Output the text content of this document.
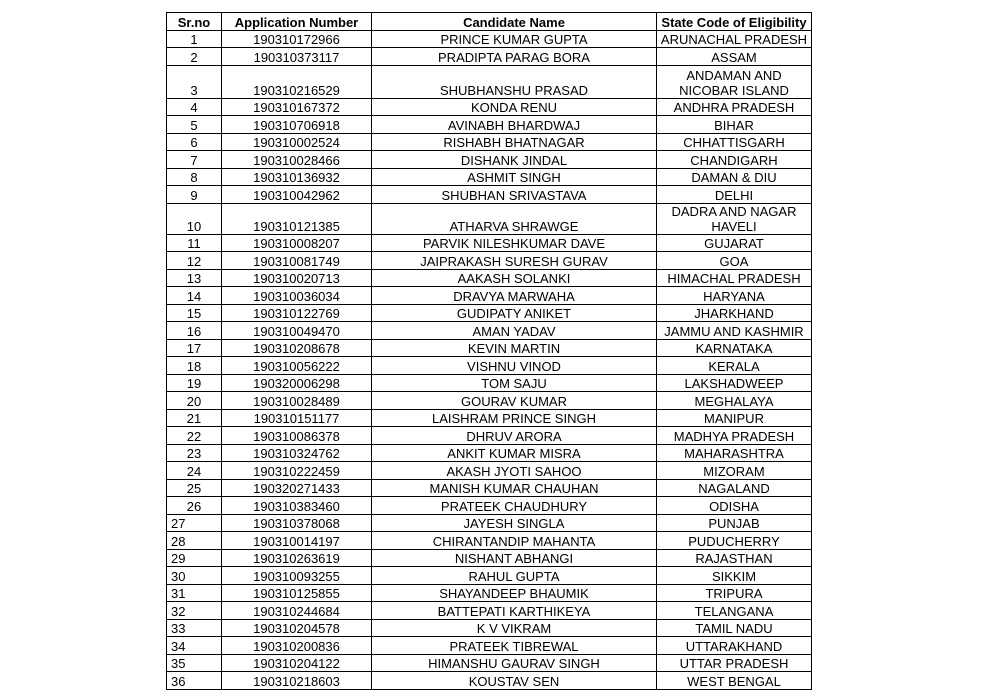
Sr.no	Application Number	Candidate Name	State Code of Eligibility
1	190310172966	PRINCE KUMAR GUPTA	ARUNACHAL PRADESH
2	190310373117	PRADIPTA PARAG BORA	ASSAM
3	190310216529	SHUBHANSHU PRASAD	ANDAMAN AND NICOBAR ISLAND
4	190310167372	KONDA RENU	ANDHRA PRADESH
5	190310706918	AVINABH BHARDWAJ	BIHAR
6	190310002524	RISHABH BHATNAGAR	CHHATTISGARH
7	190310028466	DISHANK JINDAL	CHANDIGARH
8	190310136932	ASHMIT SINGH	DAMAN & DIU
9	190310042962	SHUBHAN SRIVASTAVA	DELHI
10	190310121385	ATHARVA SHRAWGE	DADRA AND NAGAR HAVELI
11	190310008207	PARVIK NILESHKUMAR DAVE	GUJARAT
12	190310081749	JAIPRAKASH SURESH GURAV	GOA
13	190310020713	AAKASH SOLANKI	HIMACHAL PRADESH
14	190310036034	DRAVYA MARWAHA	HARYANA
15	190310122769	GUDIPATY ANIKET	JHARKHAND
16	190310049470	AMAN YADAV	JAMMU AND KASHMIR
17	190310208678	KEVIN MARTIN	KARNATAKA
18	190310056222	VISHNU VINOD	KERALA
19	190320006298	TOM SAJU	LAKSHADWEEP
20	190310028489	GOURAV KUMAR	MEGHALAYA
21	190310151177	LAISHRAM PRINCE SINGH	MANIPUR
22	190310086378	DHRUV ARORA	MADHYA PRADESH
23	190310324762	ANKIT KUMAR MISRA	MAHARASHTRA
24	190310222459	AKASH JYOTI SAHOO	MIZORAM
25	190320271433	MANISH KUMAR CHAUHAN	NAGALAND
26	190310383460	PRATEEK CHAUDHURY	ODISHA
27	190310378068	JAYESH SINGLA	PUNJAB
28	190310014197	CHIRANTANDIP MAHANTA	PUDUCHERRY
29	190310263619	NISHANT ABHANGI	RAJASTHAN
30	190310093255	RAHUL GUPTA	SIKKIM
31	190310125855	SHAYANDEEP BHAUMIK	TRIPURA
32	190310244684	BATTEPATI KARTHIKEYA	TELANGANA
33	190310204578	K V VIKRAM	TAMIL NADU
34	190310200836	PRATEEK TIBREWAL	UTTARAKHAND
35	190310204122	HIMANSHU GAURAV SINGH	UTTAR PRADESH
36	190310218603	KOUSTAV SEN	WEST BENGAL
